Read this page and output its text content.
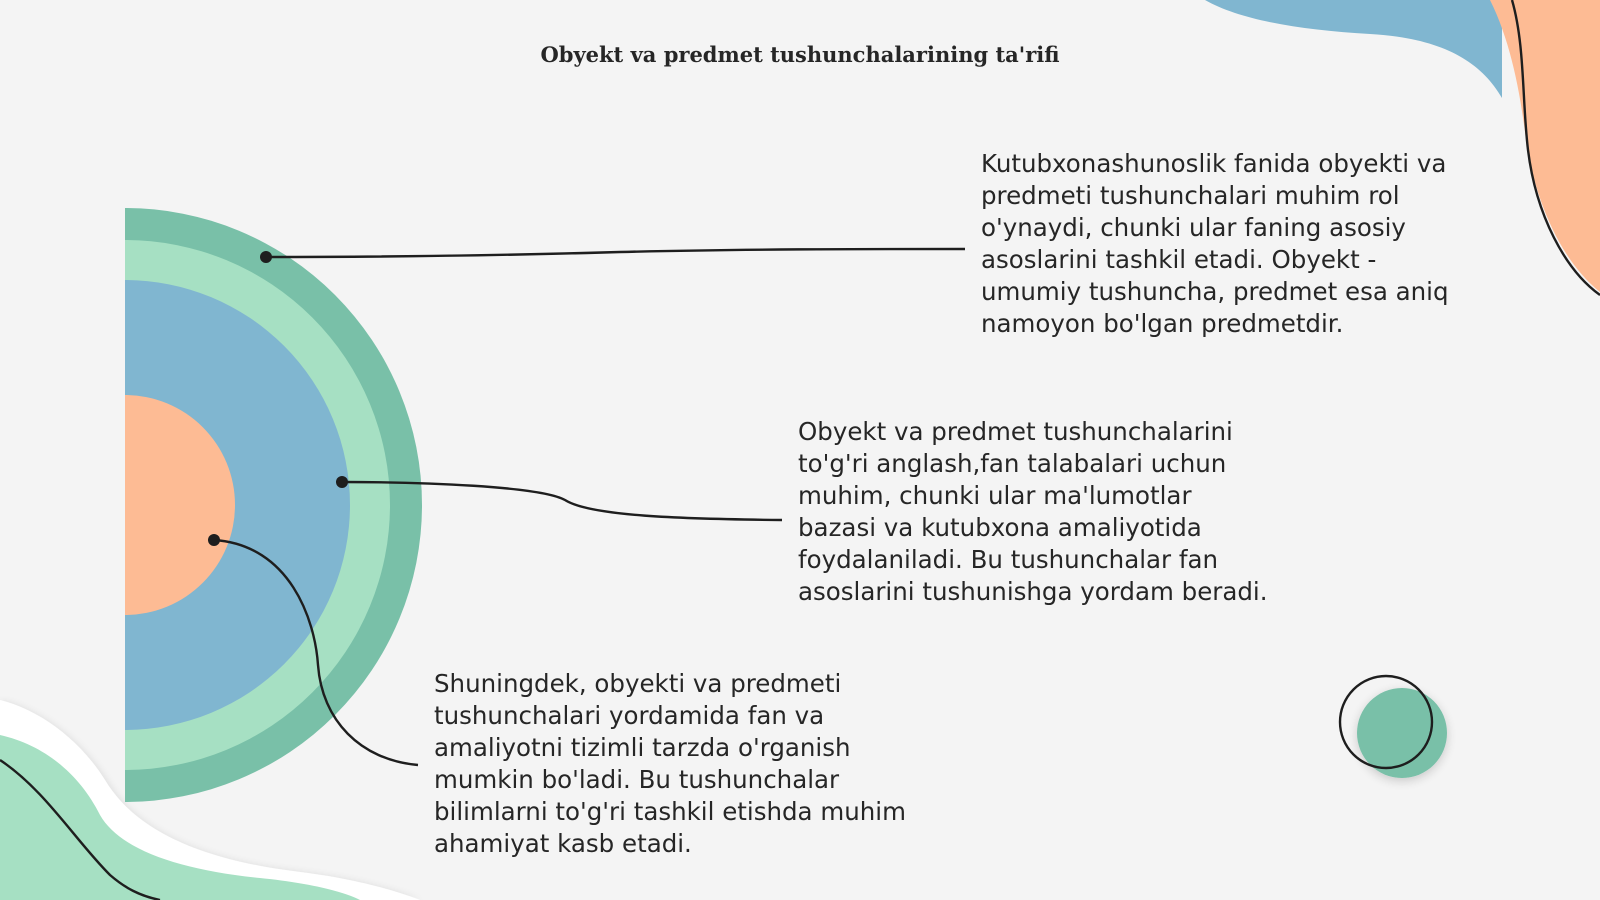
Obyekt va predmet tushunchalarining ta'rifi
Kutubxonashunoslik fanida obyekti va
predmeti tushunchalari muhim rol
o'ynaydi, chunki ular faning asosiy
asoslarini tashkil etadi. Obyekt -
umumiy tushuncha, predmet esa aniq
namoyon bo'lgan predmetdir.
Obyekt va predmet tushunchalarini
to'g'ri anglash,fan talabalari uchun
muhim, chunki ular ma'lumotlar
bazasi va kutubxona amaliyotida
foydalaniladi. Bu tushunchalar fan
asoslarini tushunishga yordam beradi.
Shuningdek, obyekti va predmeti
tushunchalari yordamida fan va
amaliyotni tizimli tarzda o'rganish
mumkin bo'ladi. Bu tushunchalar
bilimlarni to'g'ri tashkil etishda muhim
ahamiyat kasb etadi.
